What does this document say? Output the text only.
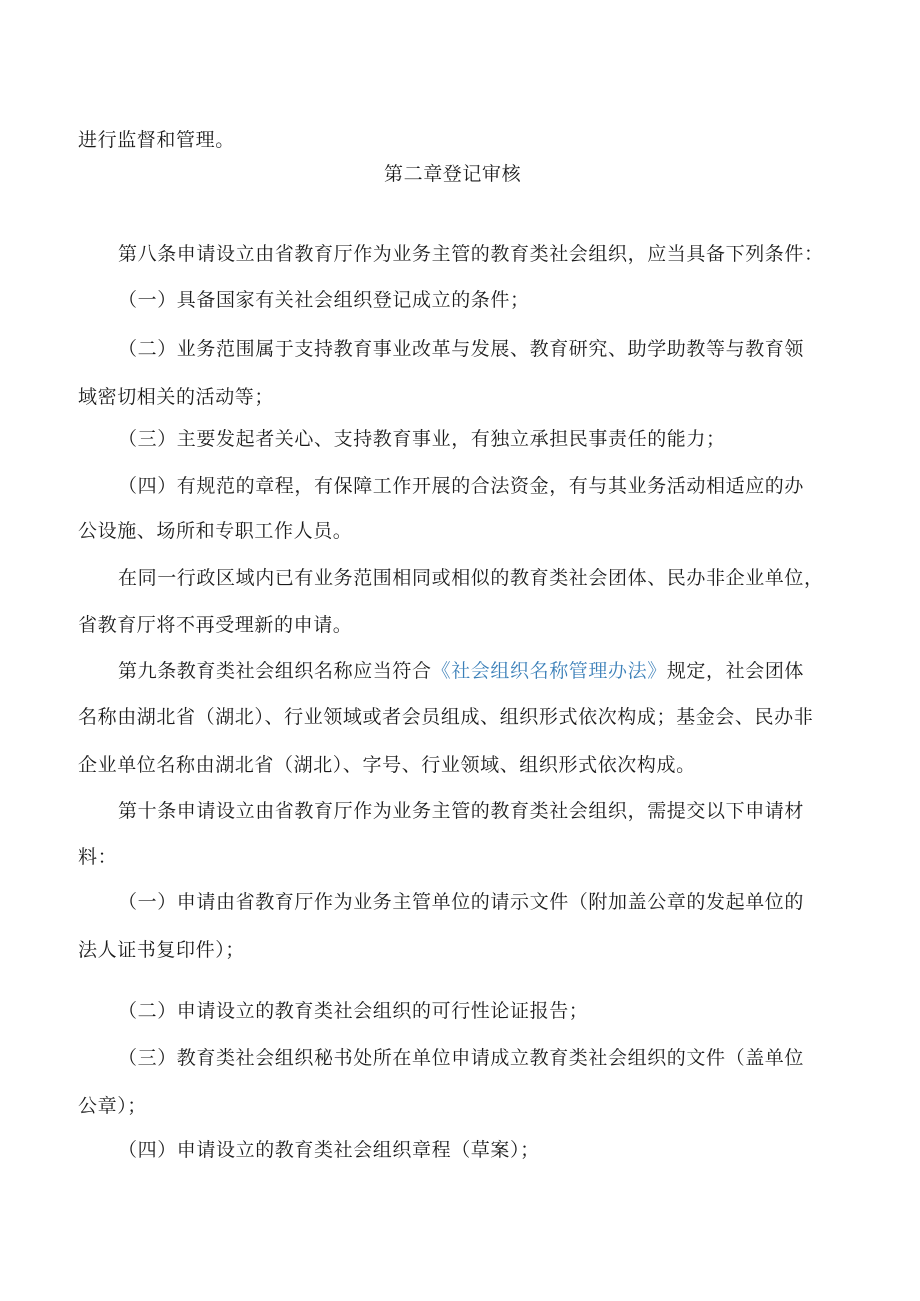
进行监督和管理。
第二章登记审核
第八条申请设立由省教育厅作为业务主管的教育类社会组织，应当具备下列条件：
（一）具备国家有关社会组织登记成立的条件；
（二）业务范围属于支持教育事业改革与发展、教育研究、助学助教等与教育领
域密切相关的活动等；
（三）主要发起者关心、支持教育事业，有独立承担民事责任的能力；
（四）有规范的章程，有保障工作开展的合法资金，有与其业务活动相适应的办
公设施、场所和专职工作人员。
在同一行政区域内已有业务范围相同或相似的教育类社会团体、民办非企业单位，
省教育厅将不再受理新的申请。
第九条教育类社会组织名称应当符合《社会组织名称管理办法》规定，社会团体
名称由湖北省（湖北）、行业领域或者会员组成、组织形式依次构成；基金会、民办非
企业单位名称由湖北省（湖北）、字号、行业领域、组织形式依次构成。
第十条申请设立由省教育厅作为业务主管的教育类社会组织，需提交以下申请材
料：
（一）申请由省教育厅作为业务主管单位的请示文件（附加盖公章的发起单位的
法人证书复印件）；
（二）申请设立的教育类社会组织的可行性论证报告；
（三）教育类社会组织秘书处所在单位申请成立教育类社会组织的文件（盖单位
公章）；
（四）申请设立的教育类社会组织章程（草案）；
